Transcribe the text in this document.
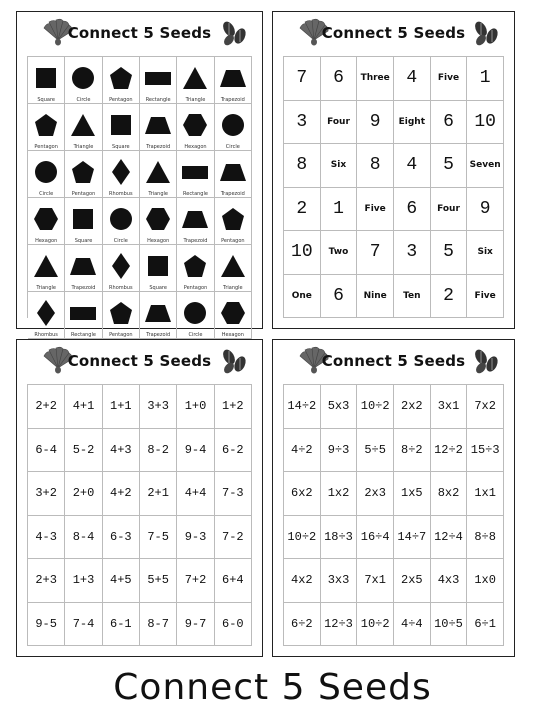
Connect 5 Seeds
Square	Circle	Pentagon	Rectangle	Triangle	Trapezoid
Pentagon	Triangle	Square	Trapezoid	Hexagon	Circle
Circle	Pentagon	Rhombus	Triangle	Rectangle	Trapezoid
Hexagon	Square	Circle	Hexagon	Trapezoid	Pentagon
Triangle	Trapezoid	Rhombus	Square	Pentagon	Triangle
Rhombus	Rectangle	Pentagon	Trapezoid	Circle	Hexagon
Connect 5 Seeds
7 6 Three 4 Five 1
3 Four 9 Eight 6 10
8	Six 8 4 5 Seven
2 1 Five 6 Four 9
10 Two 7 3 5	Six
One 6 Nine Ten 2 Five
Connect 5 Seeds
2+2 4+1 1+1 3+3 1+0 1+2
6-4 5-2 4+3 8-2 9-4 6-2
3+2 2+0 4+2 2+1 4+4 7-3
4-3 8-4 6-3 7-5 9-3 7-2
2+3 1+3 4+5 5+5 7+2 6+4
9-5 7-4 6-1 8-7 9-7 6-0
Connect 5 Seeds
14÷2 5x3 10÷2 2x2 3x1 7x2
4÷2 9÷3 5÷5 8÷2 12÷2 15÷3
6x2 1x2 2x3 1x5 8x2 1x1
10÷2 18÷3 16÷4 14÷7 12÷4 8÷8
4x2 3x3 7x1 2x5 4x3 1x0
6÷2 12÷3 10÷2 4÷4 10÷5 6÷1
Connect 5 Seeds
